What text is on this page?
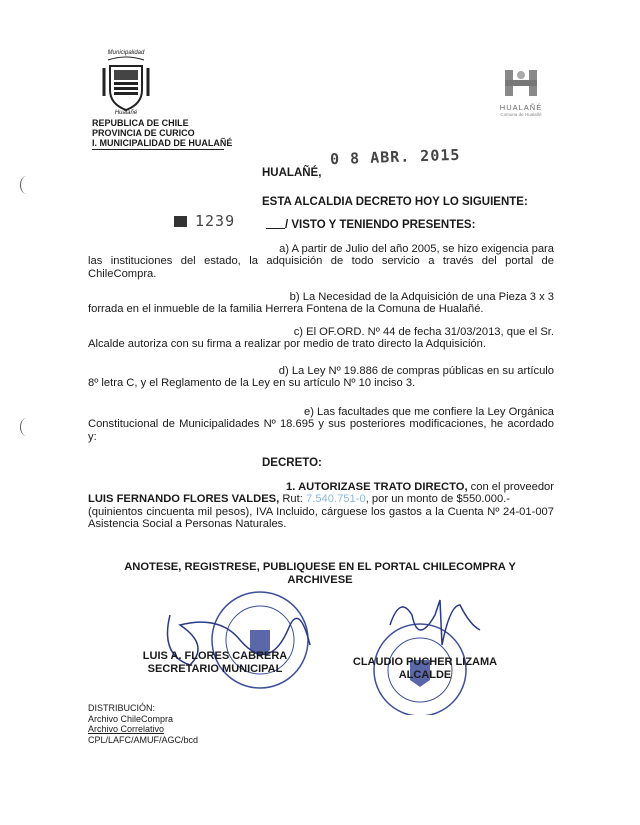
Municipalidad
Hualañé
REPUBLICA DE CHILE
PROVINCIA DE CURICO
I. MUNICIPALIDAD DE HUALAÑÉ
HUALAÑÉ
Comuna de Hualañé
0 8 ABR. 2015
HUALAÑÉ,
ESTA ALCALDIA DECRETO HOY LO SIGUIENTE:
1239	/ VISTO Y TENIENDO PRESENTES:
a) A partir de Julio del año 2005, se hizo exigencia para
las instituciones del estado, la adquisición de todo servicio a través del portal de ChileCompra.
b) La Necesidad de la Adquisición de una Pieza 3 x 3
forrada en el inmueble de la familia Herrera Fontena de la Comuna de Hualañé.
c) El OF.ORD. Nº 44 de fecha 31/03/2013, que el Sr.
Alcalde autoriza con su firma a realizar por medio de trato directo la Adquisición.
d) La Ley Nº 19.886 de compras públicas en su artículo
8º letra C, y el Reglamento de la Ley en su artículo Nº 10 inciso 3.
e) Las facultades que me confiere la Ley Orgánica
Constitucional de Municipalidades Nº 18.695 y sus posteriores modificaciones, he acordado y:
DECRETO:
1. AUTORIZASE TRATO DIRECTO, con el proveedor
LUIS FERNANDO FLORES VALDES, Rut: 7.540.751-0, por un monto de $550.000.-
(quinientos cincuenta mil pesos), IVA Incluido, cárguese los gastos a la Cuenta Nº 24-01-007 Asistencia Social a Personas Naturales.
ANOTESE, REGISTRESE, PUBLIQUESE EN EL PORTAL CHILECOMPRA Y ARCHIVESE
LUIS A. FLORES CABRERA
SECRETARIO MUNICIPAL
CLAUDIO PUCHER LIZAMA
ALCALDE
DISTRIBUCIÓN:
Archivo ChileCompra
Archivo Correlativo
CPL/LAFC/AMUF/AGC/bcd
